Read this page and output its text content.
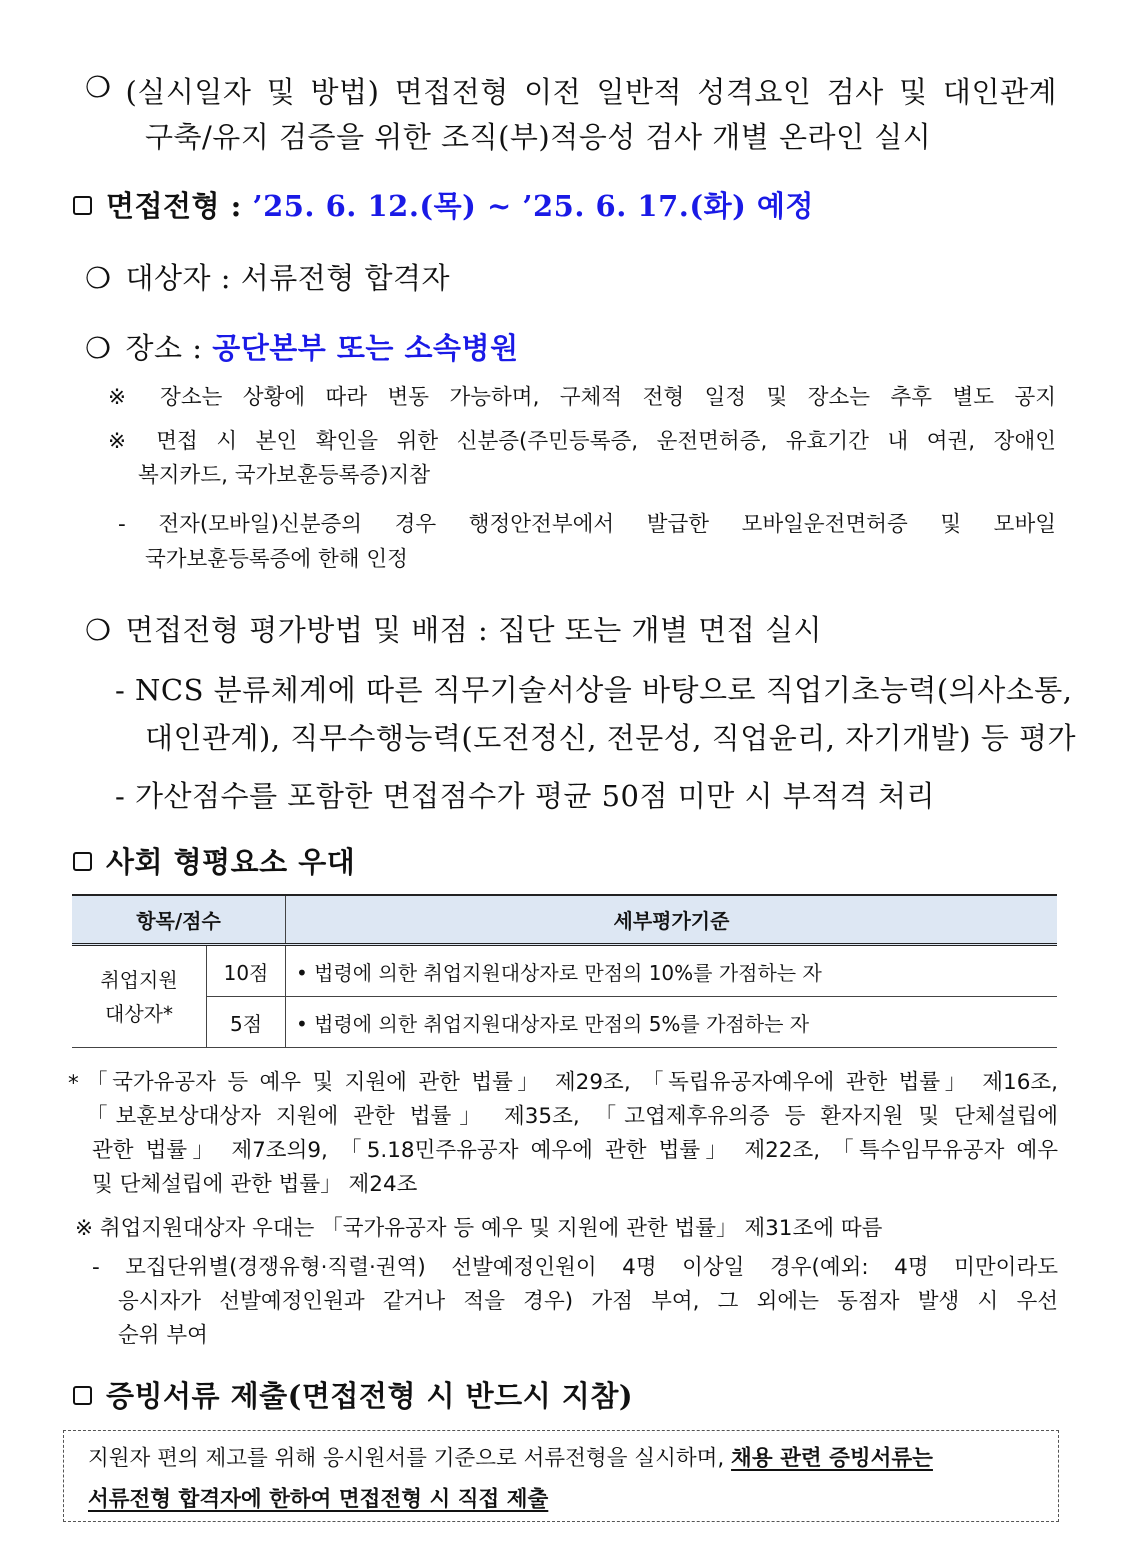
❍ (실시일자 및 방법) 면접전형 이전 일반적 성격요인 검사 및 대인관계
구축/유지 검증을 위한 조직(부)적응성 검사 개별 온라인 실시
면접전형 : ’25. 6. 12.(목) ~ ’25. 6. 17.(화) 예정
❍ 대상자 : 서류전형 합격자
❍ 장소 : 공단본부 또는 소속병원
※ 장소는 상황에 따라 변동 가능하며, 구체적 전형 일정 및 장소는 추후 별도 공지
※ 면접 시 본인 확인을 위한 신분증(주민등록증, 운전면허증, 유효기간 내 여권, 장애인
복지카드, 국가보훈등록증)지참
- 전자(모바일)신분증의 경우 행정안전부에서 발급한 모바일운전면허증 및 모바일
국가보훈등록증에 한해 인정
❍ 면접전형 평가방법 및 배점 : 집단 또는 개별 면접 실시
- NCS 분류체계에 따른 직무기술서상을 바탕으로 직업기초능력(의사소통,
대인관계), 직무수행능력(도전정신, 전문성, 직업윤리, 자기개발) 등 평가
- 가산점수를 포함한 면접점수가 평균 50점 미만 시 부적격 처리
사회 형평요소 우대
항목/점수		세부평가기준
취업지원
대상자*	10점	• 법령에 의한 취업지원대상자로 만점의 10%를 가점하는 자
	5점	• 법령에 의한 취업지원대상자로 만점의 5%를 가점하는 자
* 「국가유공자 등 예우 및 지원에 관한 법률」 제29조, 「독립유공자예우에 관한 법률」 제16조,
「보훈보상대상자 지원에 관한 법률」 제35조, 「고엽제후유의증 등 환자지원 및 단체설립에
관한 법률」 제7조의9, 「5.18민주유공자 예우에 관한 법률」 제22조, 「특수임무유공자 예우
및 단체설립에 관한 법률」 제24조
※ 취업지원대상자 우대는 「국가유공자 등 예우 및 지원에 관한 법률」 제31조에 따름
- 모집단위별(경쟁유형·직렬·권역) 선발예정인원이 4명 이상일 경우(예외: 4명 미만이라도
응시자가 선발예정인원과 같거나 적을 경우) 가점 부여, 그 외에는 동점자 발생 시 우선
순위 부여
증빙서류 제출(면접전형 시 반드시 지참)
지원자 편의 제고를 위해 응시원서를 기준으로 서류전형을 실시하며, 채용 관련 증빙서류는
서류전형 합격자에 한하여 면접전형 시 직접 제출
